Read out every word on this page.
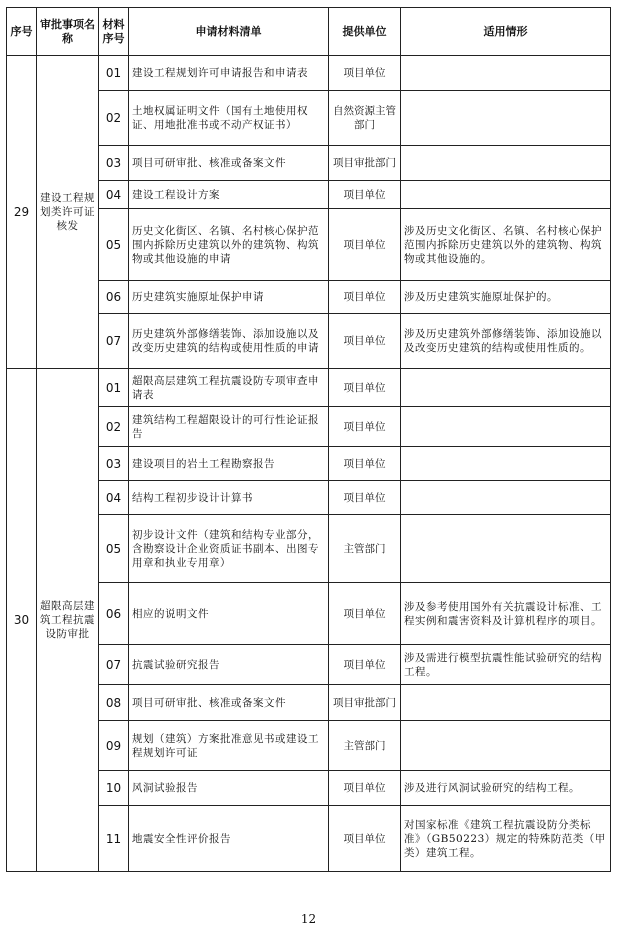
序号	审批事项名称	材料序号	申请材料清单	提供单位	适用情形
29	建设工程规划类许可证核发	01	建设工程规划许可申请报告和申请表	项目单位	
		02	土地权属证明文件（国有土地使用权证、用地批准书或不动产权证书）	自然资源主管部门	
		03	项目可研审批、核准或备案文件	项目审批部门	
		04	建设工程设计方案	项目单位	
		05	历史文化街区、名镇、名村核心保护范围内拆除历史建筑以外的建筑物、构筑物或其他设施的申请	项目单位	涉及历史文化街区、名镇、名村核心保护范围内拆除历史建筑以外的建筑物、构筑物或其他设施的。
		06	历史建筑实施原址保护申请	项目单位	涉及历史建筑实施原址保护的。
		07	历史建筑外部修缮装饰、添加设施以及改变历史建筑的结构或使用性质的申请	项目单位	涉及历史建筑外部修缮装饰、添加设施以及改变历史建筑的结构或使用性质的。
30	超限高层建筑工程抗震设防审批	01	超限高层建筑工程抗震设防专项审查申请表	项目单位	
		02	建筑结构工程超限设计的可行性论证报告	项目单位	
		03	建设项目的岩土工程勘察报告	项目单位	
		04	结构工程初步设计计算书	项目单位	
		05	初步设计文件（建筑和结构专业部分，含勘察设计企业资质证书副本、出图专用章和执业专用章）	主管部门	
		06	相应的说明文件	项目单位	涉及参考使用国外有关抗震设计标准、工程实例和震害资料及计算机程序的项目。
		07	抗震试验研究报告	项目单位	涉及需进行模型抗震性能试验研究的结构工程。
		08	项目可研审批、核准或备案文件	项目审批部门	
		09	规划（建筑）方案批准意见书或建设工程规划许可证	主管部门	
		10	风洞试验报告	项目单位	涉及进行风洞试验研究的结构工程。
		11	地震安全性评价报告	项目单位	对国家标准《建筑工程抗震设防分类标准》（GB50223）规定的特殊防范类（甲类）建筑工程。
12
